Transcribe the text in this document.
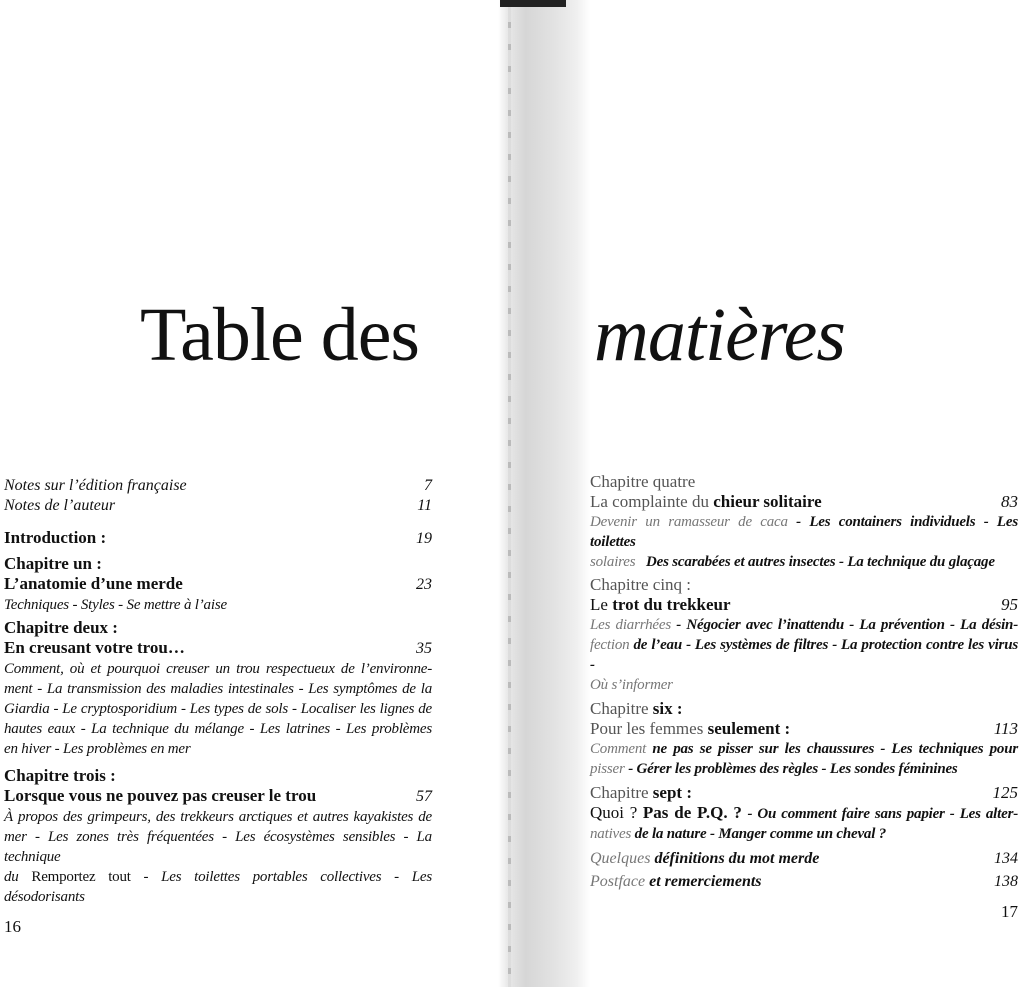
Table des matières
Notes sur l’édition française	7
Notes de l’auteur	11
Introduction :	19
Chapitre un :
L’anatomie d’une merde	23
Techniques - Styles - Se mettre à l’aise
Chapitre deux :
En creusant votre trou…	35
Comment, où et pourquoi creuser un trou respectueux de l’environne-
ment - La transmission des maladies intestinales - Les symptômes de la
Giardia - Le cryptosporidium - Les types de sols - Localiser les lignes de
hautes eaux - La technique du mélange - Les latrines - Les problèmes
en hiver - Les problèmes en mer
Chapitre trois :
Lorsque vous ne pouvez pas creuser le trou	57
À propos des grimpeurs, des trekkeurs arctiques et autres kayakistes de
mer - Les zones très fréquentées - Les écosystèmes sensibles - La technique
du Remportez tout - Les toilettes portables collectives - Les désodorisants
16
Chapitre quatre
La complainte du chieur solitaire	83
Devenir un ramasseur de caca - Les containers individuels - Les toilettes
solaires Des scarabées et autres insectes - La technique du glaçage
Chapitre cinq :
Le trot du trekkeur	95
Les diarrhées - Négocier avec l’inattendu - La prévention - La désin-
fection de l’eau - Les systèmes de filtres - La protection contre les virus -
Où s’informer
Chapitre six :
Pour les femmes seulement :	113
Comment ne pas se pisser sur les chaussures - Les techniques pour
pisser - Gérer les problèmes des règles - Les sondes féminines
Chapitre sept :	125
Quoi ? Pas de P.Q. ? - Ou comment faire sans papier - Les alter-
natives de la nature - Manger comme un cheval ?
Quelques définitions du mot merde	134
Postface et remerciements	138
17
